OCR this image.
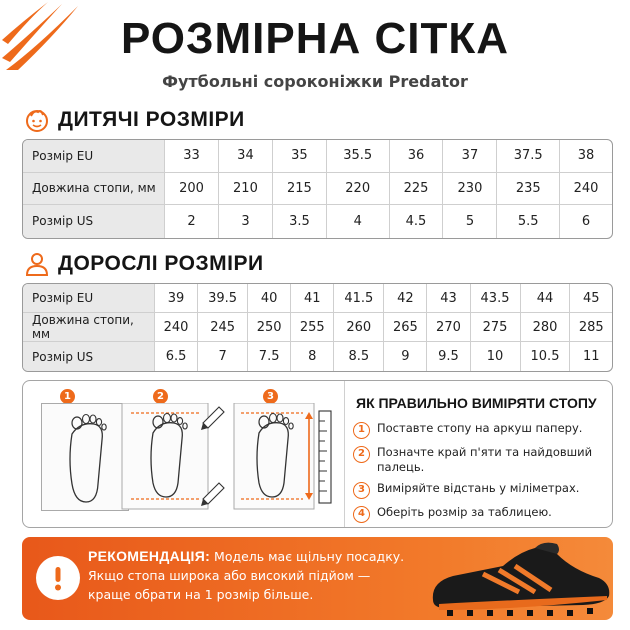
РОЗМІРНА СІТКА
Футбольні сороконіжки Predator
ДИТЯЧІ РОЗМІРИ
Розмір EU	33	34	35	35.5	36	37	37.5	38
Довжина стопи, мм	200	210	215	220	225	230	235	240
Розмір US	2	3	3.5	4	4.5	5	5.5	6
ДОРОСЛІ РОЗМІРИ
Розмір EU	39	39.5	40	41	41.5	42	43	43.5	44	45
Довжина стопи, мм	240	245	250	255	260	265	270	275	280	285
Розмір US	6.5	7	7.5	8	8.5	9	9.5	10	10.5	11
1	2	3	ЯК ПРАВИЛЬНО ВИМІРЯТИ СТОПУ
1	Поставте стопу на аркуш паперу.
2	Позначте край п'яти та найдовший палець.
3	Виміряйте відстань у міліметрах.
4	Оберіть розмір за таблицею.
РЕКОМЕНДАЦІЯ: Модель має щільну посадку.
Якщо стопа широка або високий підйом —
краще обрати на 1 розмір більше.
